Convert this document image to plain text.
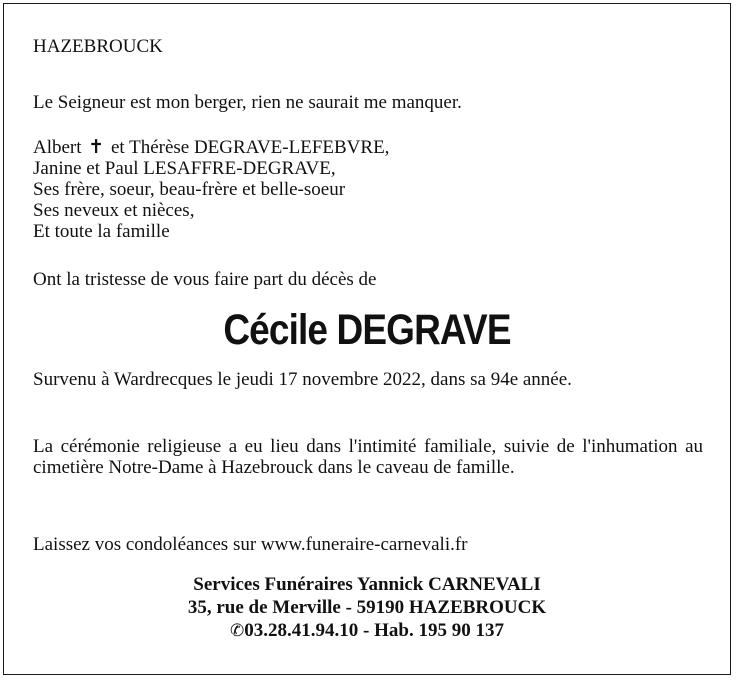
HAZEBROUCK
Le Seigneur est mon berger, rien ne saurait me manquer.
Albert ✝ et Thérèse DEGRAVE-LEFEBVRE,
Janine et Paul LESAFFRE-DEGRAVE,
Ses frère, soeur, beau-frère et belle-soeur
Ses neveux et nièces,
Et toute la famille
Ont la tristesse de vous faire part du décès de
Cécile DEGRAVE
Survenu à Wardrecques le jeudi 17 novembre 2022, dans sa 94e année.
La cérémonie religieuse a eu lieu dans l'intimité familiale, suivie de l'inhumation au cimetière Notre-Dame à Hazebrouck dans le caveau de famille.
Laissez vos condoléances sur www.funeraire-carnevali.fr
Services Funéraires Yannick CARNEVALI
35, rue de Merville - 59190 HAZEBROUCK
✆03.28.41.94.10 - Hab. 195 90 137
